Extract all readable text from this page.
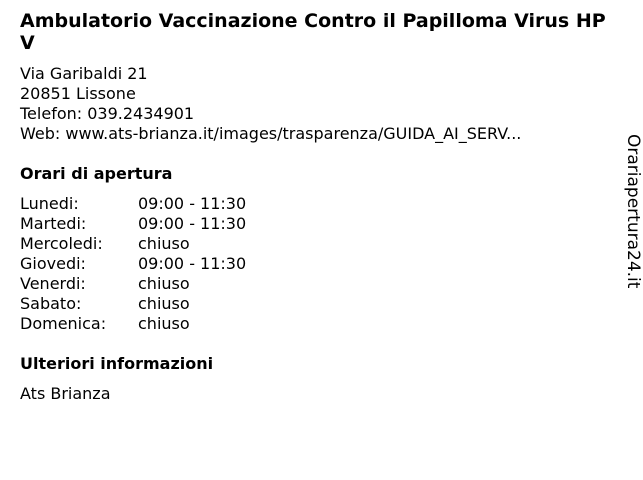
Ambulatorio Vaccinazione Contro il Papilloma Virus HPV
Via Garibaldi 21
20851 Lissone
Telefon: 039.2434901
Web: www.ats-brianza.it/images/trasparenza/GUIDA_AI_SERV...
Orari di apertura
Lunedi:	09:00 - 11:30
Martedi:	09:00 - 11:30
Mercoledi: chiuso
Giovedi:	09:00 - 11:30
Venerdi:	chiuso
Sabato:	chiuso
Domenica: chiuso
Ulteriori informazioni
Ats Brianza
Orariapertura24.it
